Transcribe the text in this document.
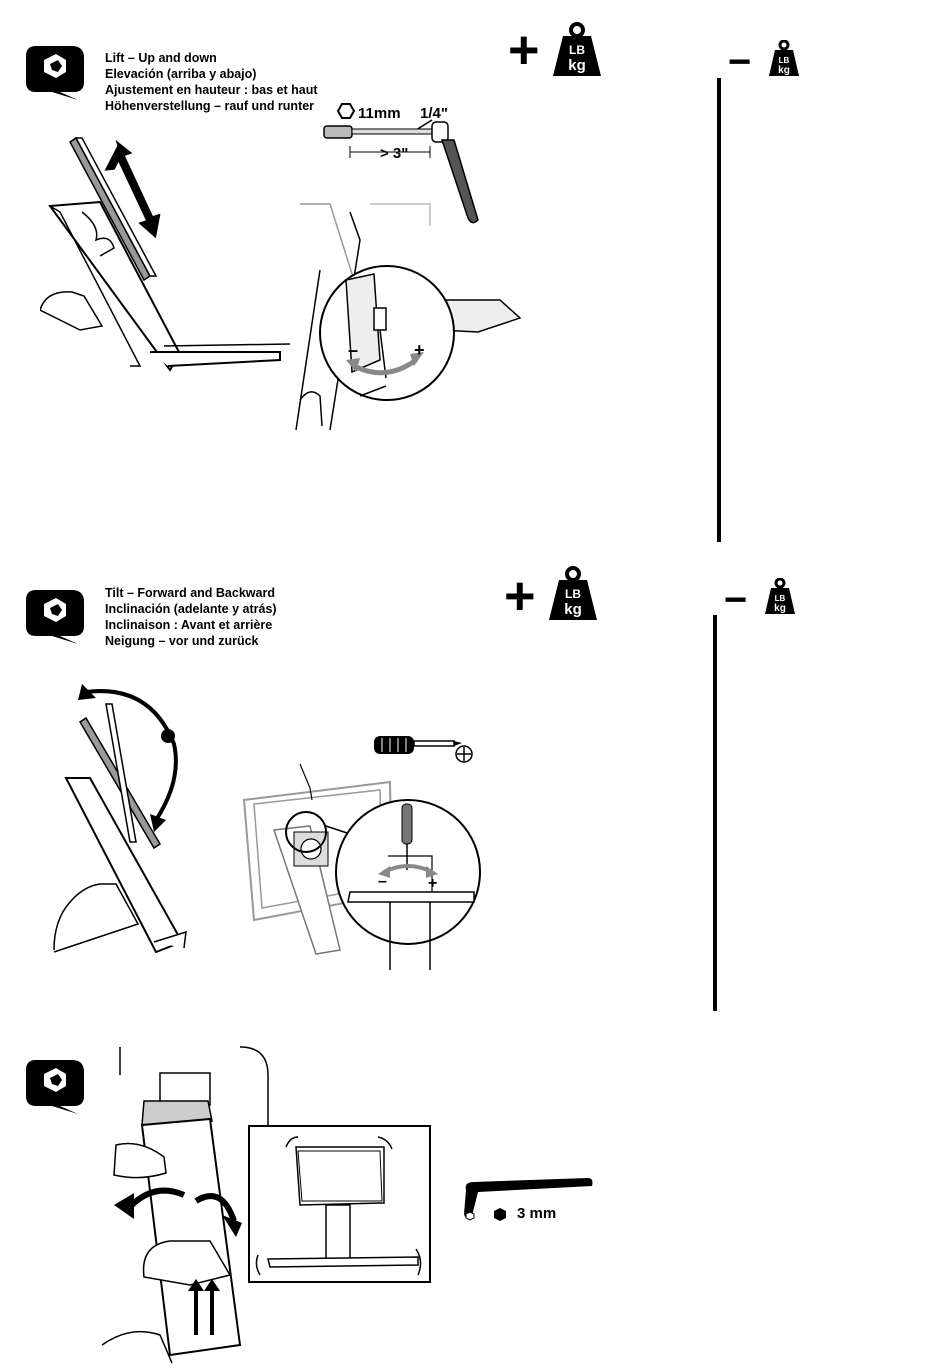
Lift – Up and down
Elevación (arriba y abajo)
Ajustement en hauteur : bas et haut
Höhenverstellung – rauf und runter
+ LB
kg	−	LB
kg
11mm 1/4"
> 3"
–	+
Tilt – Forward and Backward
Inclinación (adelante y atrás)
Inclinaison : Avant et arrière
Neigung – vor und zurück
+ LB
kg	−	LB
kg
–	+
3 mm
